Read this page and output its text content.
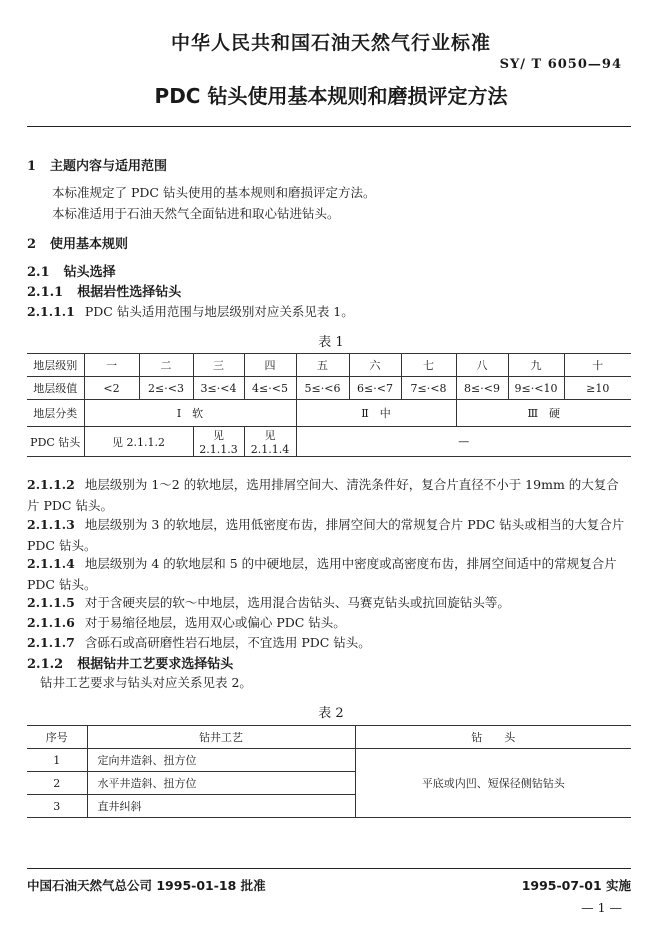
中华人民共和国石油天然气行业标准
SY/ T 6050—94
PDC 钻头使用基本规则和磨损评定方法
1 主题内容与适用范围
本标准规定了 PDC 钻头使用的基本规则和磨损评定方法。
本标准适用于石油天然气全面钻进和取心钻进钻头。
2 使用基本规则
2.1 钻头选择
2.1.1 根据岩性选择钻头
2.1.1.1 PDC 钻头适用范围与地层级别对应关系见表 1。
表 1
地层级别	一	二	三	四	五	六	七	八	九	十
地层级值	<2	2≤·<3	3≤·<4	4≤·<5	5≤·<6	6≤·<7	7≤·<8	8≤·<9	9≤·<10	≥10
地层分类	Ⅰ　软				Ⅱ　中			Ⅲ　硬		
PDC 钻头	见 2.1.1.2		见 2.1.1.3	见 2.1.1.4	—					
2.1.1.2 地层级别为 1～2 的软地层，选用排屑空间大、清洗条件好，复合片直径不小于 19mm 的大复合片 PDC 钻头。
2.1.1.3 地层级别为 3 的软地层，选用低密度布齿，排屑空间大的常规复合片 PDC 钻头或相当的大复合片 PDC 钻头。
2.1.1.4 地层级别为 4 的软地层和 5 的中硬地层，选用中密度或高密度布齿，排屑空间适中的常规复合片 PDC 钻头。
2.1.1.5 对于含硬夹层的软～中地层，选用混合齿钻头、马赛克钻头或抗回旋钻头等。
2.1.1.6 对于易缩径地层，选用双心或偏心 PDC 钻头。
2.1.1.7 含砾石或高研磨性岩石地层，不宜选用 PDC 钻头。
2.1.2 根据钻井工艺要求选择钻头
钻井工艺要求与钻头对应关系见表 2。
表 2
序号	钻井工艺	钻　　头
1	定向井造斜、扭方位	平底或内凹、短保径侧钻钻头
2	水平井造斜、扭方位	
3	直井纠斜	
中国石油天然气总公司 1995-01-18 批准	1995-07-01 实施
— 1 —
